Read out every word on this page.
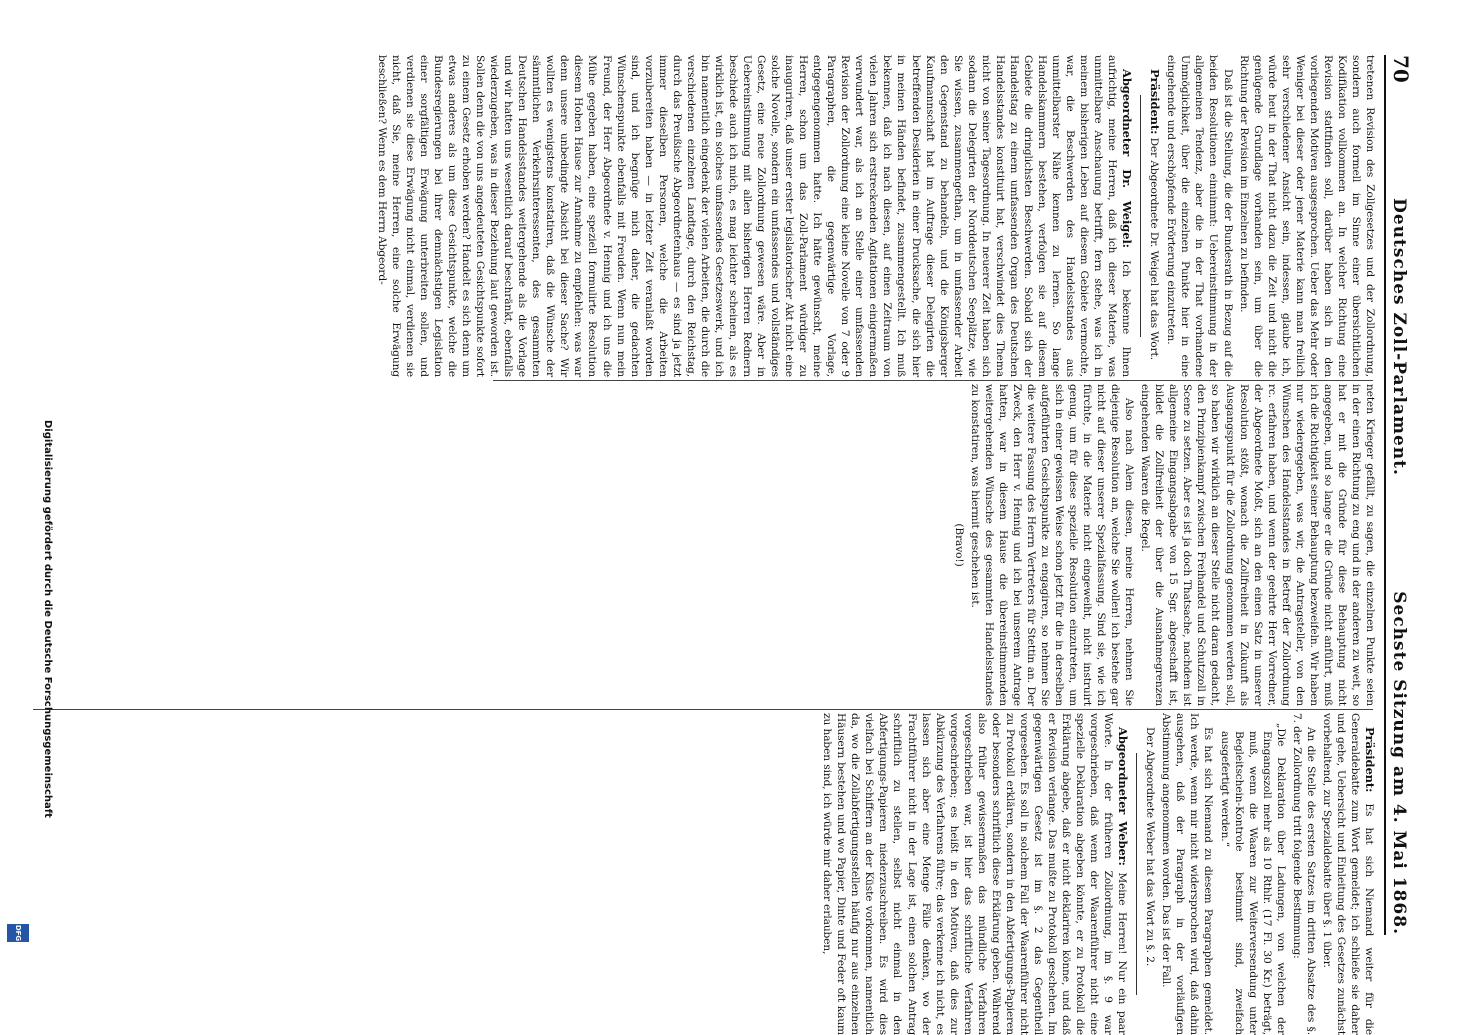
70
Deutsches Zoll-Parlament.
Sechste Sitzung am 4. Mai 1868.

tretenen Revision des Zollgesetzes und der Zollordnung, sondern auch formell im Sinne einer übersichtlichen Kodifikation vollkommen an. In welcher Richtung eine Revision stattfinden soll, darüber haben sich in den vorliegenden Motiven ausgesprochen. Ueber das Mehr oder Weniger bei dieser oder jener Materie kann man freilich sehr verschiedener Ansicht sein, indessen, glaube ich, würde heut in der That nicht dazu die Zeit und nicht die genügende Grundlage vorhanden sein, um über die Richtung der Revision im Einzelnen zu befinden.

Daß ist die Stellung, die der Bundesrath in Bezug auf die beiden Resolutionen einnimmt: Uebereinstimmung in der allgemeinen Tendenz, aber die in der That vorhandene Unmöglichkeit, über die einzelnen Punkte hier in eine eingehende und erschöpfende Erörterung einzutreten.

Präsident: Der Abgeordnete Dr. Weigel hat das Wort.

Abgeordneter Dr. Weigel: Ich bekenne Ihnen aufrichtig, meine Herren, daß ich dieser Materie, was unmittelbare Anschauung betrifft, fern stehe, was ich in meinem bisherigen Leben auf diesem Gebiete vermochte, war, die Beschwerden des Handelsstandes aus unmittelbarster Nähe kennen zu lernen. So lange Handelskammern bestehen, verfolgen sie auf diesem Gebiete die dringlichsten Beschwerden. Sobald sich der Handelstag zu einem umfassenden Organ des Deutschen Handelsstandes konstituirt hat, verschwindet dies Thema nicht von seiner Tagesordnung. In neuerer Zeit haben sich sodann die Delegirten der Norddeutschen Seeplätze, wie Sie wissen, zusammengethan, um in umfassender Arbeit den Gegenstand zu behandeln, und die Königsberger Kaufmannschaft hat im Auftrage dieser Delegirten die betreffenden Desiderien in einer Drucksache, die sich hier in meinen Händen befindet, zusammengestellt. Ich muß bekennen, daß ich nach diesen, auf einen Zeitraum von vielen Jahren sich erstreckenden Agitationen einigermaßen verwundert war, als ich an Stelle einer umfassenden Revision der Zollordnung eine kleine Novelle von 7 oder 9 Paragraphen, die gegenwärtige Vorlage, entgegengenommen hatte. Ich hätte gewünscht, meine Herren, schon um das Zoll-Parlament würdiger zu inauguriren, daß unser erster legislatorischer Akt nicht eine solche Novelle, sondern ein umfassendes und vollständiges Gesetz, eine neue Zollordnung gewesen wäre. Aber in Uebereinstimmung mit allen bisherigen Herren Rednern beschiede auch ich mich, es mag leichter scheinen, als es wirklich ist, ein solches umfassendes Gesetzeswerk, und ich bin namentlich eingedenk der vielen Arbeiten, die durch die verschiedenen einzelnen Landtage, durch den Reichstag, durch das Preußische Abgeordnetenhaus — es sind ja jetzt immer dieselben Personen, welche die Arbeiten vorzubereiten haben — in letzter Zeit veranlaßt worden sind, und ich begnüge mich daher, die gedachten Wünschenspunkte ebenfalls mit Freuden. Wenn nun mein Freund, der Herr Abgeordnete v. Hennig und ich uns die Mühe gegeben haben, eine speziell formulirte Resolution diesem Hohen Hause zur Annahme zu empfehlen: was war denn unsere unbedingte Absicht bei dieser Sache? Wir wollten es wenigstens konstatiren, daß die Wünsche der sämmtlichen Verkehrsinteressenten, des gesammten Deutschen Handelsstandes weitergehende als die Vorlage und wir hatten uns wesentlich darauf beschränkt, ebenfalls wiederzugeben, was in dieser Beziehung laut geworden ist. Sollen denn die von uns angedeuteten Gesichtspunkte sofort zu einem Gesetz erhoben werden? Handelt es sich denn um etwas anderes als um diese Gesichtspunkte, welche die Bundesregierungen bei ihrer demnächstigen Legislation einer sorgfältigen Erwägung unterbreiten sollen, und verdienen sie diese Erwägung nicht einmal, verdienen sie nicht, daß Sie, meine Herren, eine solche Erwägung beschließen? Wenn es dem Herrn Abgeord-

neten Krieger gefällt, zu sagen, die einzelnen Punkte seien in der einen Richtung zu eng und in der anderen zu weit, so hat er mit die Gründe für diese Behauptung nicht angegeben, und so lange er die Gründe nicht anführt, muß ich die Richtigkeit seiner Behauptung bezweifeln. Wir haben nur wiedergegeben, was wir, die Antragsteller, von den Wünschen des Handelsstandes in Betreff der Zollordnung rc. erfahren haben, und wenn der geehrte Herr Vorredner, der Abgeordnete Moßt, sich an den einen Satz in unserer Resolution stößt, wonach die Zollfreiheit in Zukunft als Ausgangspunkt für die Zollordnung genommen werden soll, so haben wir wirklich an dieser Stelle nicht daran gedacht, den Prinzipienkampf zwischen Freihandel und Schutzzoll in Scene zu setzen. Aber es ist ja doch Thatsache, nachdem ist allgemeine Eingangsabgabe von 15 Sgr. abgeschafft ist, bildet die Zollfreiheit der über die Ausnahmegrenzen eingehenden Waaren die Regel.

Also nach Alem diesen, meine Herren, nehmen Sie diejenige Resolution an, welche Sie wollen! ich bestehe gar nicht auf dieser unserer Spezialfassung. Sind sie, wie ich fürchte, in die Materie nicht eingeweiht, nicht instruirt genug, um für diese spezielle Resolution einzutreten, um sich in einer gewissen Weise schon jetzt für die in derselben aufgeführten Gesichtspunkte zu engagiren, so nehmen Sie die weitere Fassung des Herrn Vertreters für Stettin an. Der Zweck, den Herr v. Hennig und ich bei unserem Antrage hatten, war in diesem Hause die übereinstimmenden weitergehenden Wünsche des gesammten Handelsstandes zu konstatiren, was hiermit geschehen ist.

(Bravo!)

Präsident: Es hat sich Niemand weiter für die Generaldebatte zum Wort gemeldet; ich schließe sie daher und gehe, Uebersicht und Einleitung des Gesetzes zunächst vorbehaltend, zur Spezialdebatte über §. 1 über.

An die Stelle des ersten Satzes im dritten Absatze des §. 7. der Zollordnung tritt folgende Bestimmung:

„Die Deklaration über Ladungen, von welchen der Eingangszoll mehr als 10 Rthlr. (17 Fl. 30 Kr.) beträgt, muß, wenn die Waaren zur Weiterversendung unter Begleitschein-Kontrole bestimmt sind, zweifach ausgefertigt werden.“

Es hat sich Niemand zu diesem Paragraphen gemeldet. Ich werde, wenn mir nicht widersprochen wird, daß dahin ausgehen, daß der Paragraph in der vorläufigen Abstimmung angenommen worden. Das ist der Fall.

Der Abgeordnete Weber hat das Wort zu §. 2.

Abgeordneter Weber: Meine Herren! Nur ein paar Worte. In der früheren Zollordnung, im §. 9 war vorgeschrieben, daß wenn der Waarenführer nicht eine spezielle Deklaration abgeben könnte, er zu Protokoll die Erklärung abgebe, daß er nicht deklariren könne, und daß er Revision verlange. Das mußte zu Protokoll geschehen. Im gegenwärtigen Gesetz ist im §. 2 das Gegentheil vorgesehen. Es soll in solchem Fall der Waarenführer nicht zu Protokoll erklären, sondern in den Abfertigungs-Papieren oder besonders schriftlich diese Erklärung geben. Während also früher gewissermaßen das mündliche Verfahren vorgeschrieben war, ist hier das schriftliche Verfahren vorgeschrieben; es heißt in den Motiven, daß dies zur Abkürzung des Verfahrens führe; das verkenne ich nicht, es lassen sich aber eine Menge Fälle denken, wo der Frachtführer nicht in der Lage ist, einen solchen Antrag schriftlich zu stellen, selbst nicht einmal in den Abfertigungs-Papieren niederzuschreiben. Es wird dies vielfach bei Schiffern an der Küste vorkommen, namentlich da, wo die Zollabfertigungsstellen häufig nur aus einzelnen Häusern bestehen und wo Papier, Dinte und Feder oft kaum zu haben sind, ich würde mir daher erlauben,

Digitalisierung gefördert durch die Deutsche Forschungsgemeinschaft
DFG
